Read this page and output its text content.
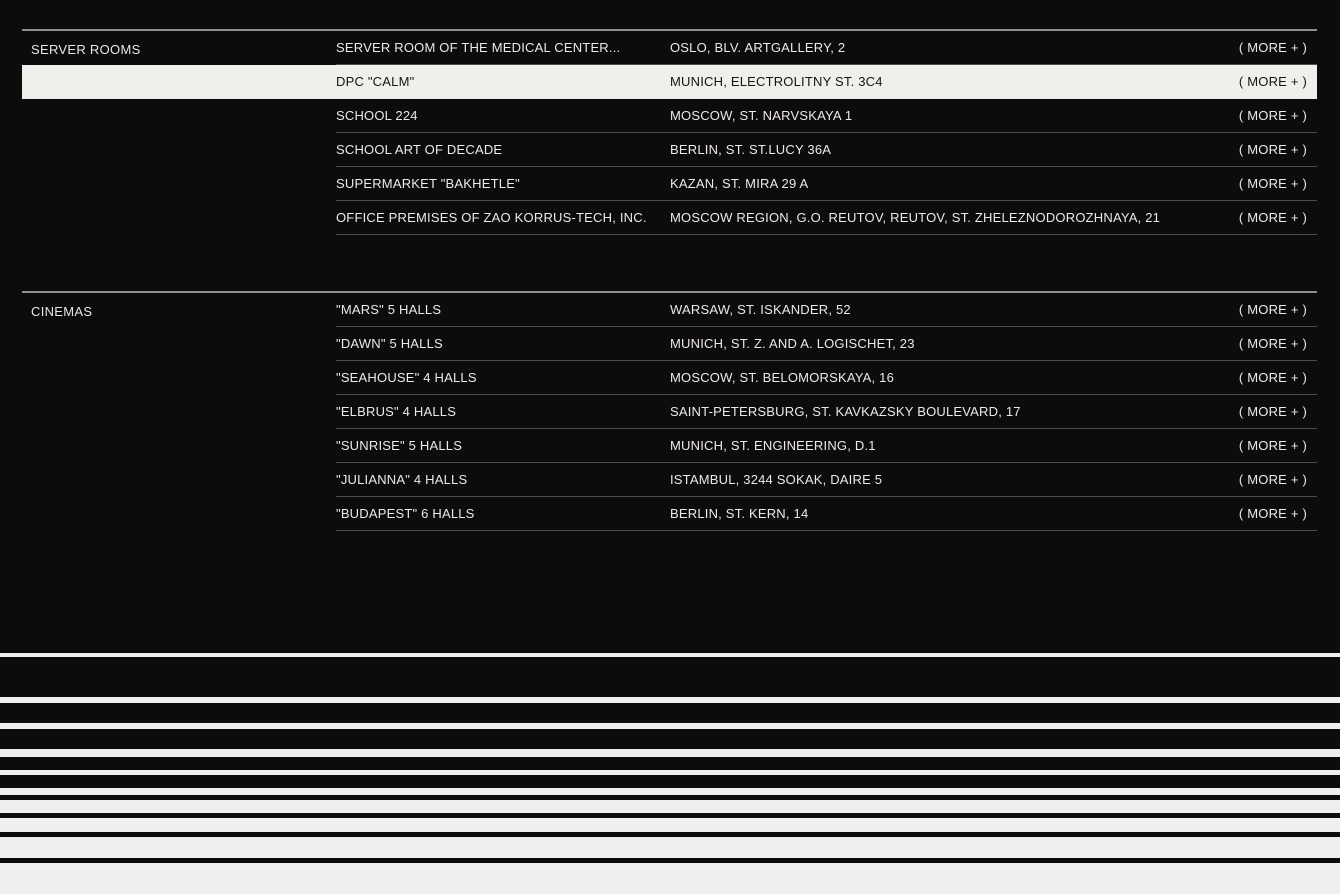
SERVER ROOMS	SERVER ROOM OF THE MEDICAL CENTER...	OSLO, BLV. ARTGALLERY, 2	( MORE + )
DPC "CALM"	MUNICH, ELECTROLITNY ST. 3C4	( MORE + )
SCHOOL 224	MOSCOW, ST. NARVSKAYA 1	( MORE + )
SCHOOL ART OF DECADE	BERLIN, ST. ST.LUCY 36A	( MORE + )
SUPERMARKET "BAKHETLE"	KAZAN, ST. MIRA 29 A	( MORE + )
OFFICE PREMISES OF ZAO KORRUS-TECH, INC.	MOSCOW REGION, G.O. REUTOV, REUTOV, ST. ZHELEZNODOROZHNAYA, 21	( MORE + )
CINEMAS	"MARS" 5 HALLS	WARSAW, ST. ISKANDER, 52	( MORE + )
"DAWN" 5 HALLS	MUNICH, ST. Z. AND A. LOGISCHET, 23	( MORE + )
"SEAHOUSE" 4 HALLS	MOSCOW, ST. BELOMORSKAYA, 16	( MORE + )
"ELBRUS" 4 HALLS	SAINT-PETERSBURG, ST. KAVKAZSKY BOULEVARD, 17	( MORE + )
"SUNRISE" 5 HALLS	MUNICH, ST. ENGINEERING, D.1	( MORE + )
"JULIANNA" 4 HALLS	ISTAMBUL, 3244 SOKAK, DAIRE 5	( MORE + )
"BUDAPEST" 6 HALLS	BERLIN, ST. KERN, 14	( MORE + )
